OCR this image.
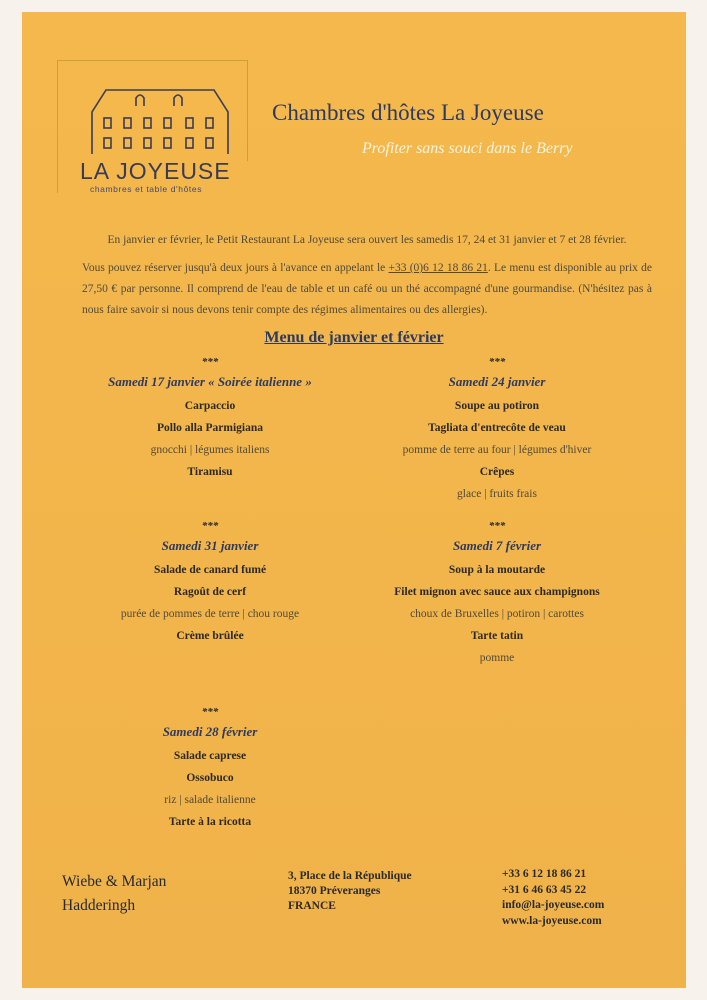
LA JOYEUSE
chambres et table d'hôtes
Chambres d'hôtes La Joyeuse
Profiter sans souci dans le Berry
En janvier er février, le Petit Restaurant La Joyeuse sera ouvert les samedis 17, 24 et 31 janvier et 7 et 28 février.
Vous pouvez réserver jusqu'à deux jours à l'avance en appelant le +33 (0)6 12 18 86 21. Le menu est disponible au prix de 27,50 € par personne. Il comprend de l'eau de table et un café ou un thé accompagné d'une gourmandise. (N'hésitez pas à nous faire savoir si nous devons tenir compte des régimes alimentaires ou des allergies).
Menu de janvier et février
***
Samedi 17 janvier « Soirée italienne »
Carpaccio
Pollo alla Parmigiana
gnocchi | légumes italiens
Tiramisu
***
Samedi 24 janvier
Soupe au potiron
Tagliata d'entrecôte de veau
pomme de terre au four | légumes d'hiver
Crêpes
glace | fruits frais
***
Samedi 31 janvier
Salade de canard fumé
Ragoût de cerf
purée de pommes de terre | chou rouge
Crème brûlée
***
Samedi 7 février
Soup à la moutarde
Filet mignon avec sauce aux champignons
choux de Bruxelles | potiron | carottes
Tarte tatin
pomme
***
Samedi 28 février
Salade caprese
Ossobuco
riz | salade italienne
Tarte à la ricotta
Wiebe & Marjan
Hadderingh
3, Place de la République
18370 Préveranges
FRANCE
+33 6 12 18 86 21
+31 6 46 63 45 22
info@la-joyeuse.com
www.la-joyeuse.com
